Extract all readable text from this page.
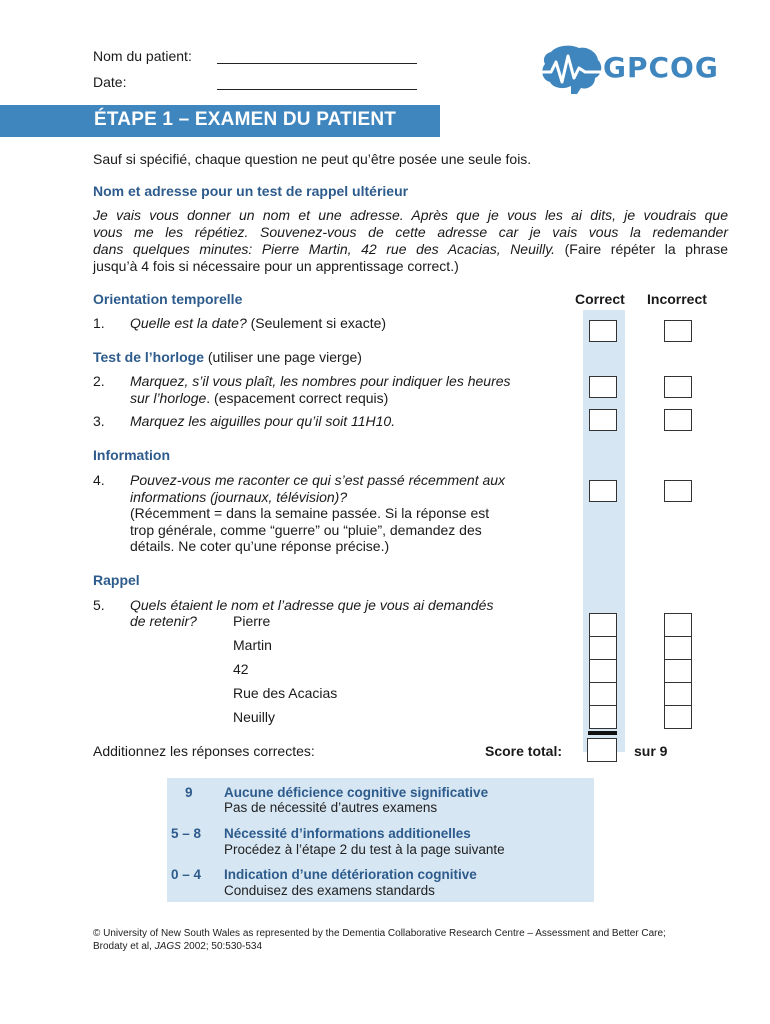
Nom du patient:
Date:	GPCOG
ÉTAPE 1 – EXAMEN DU PATIENT
Sauf si spécifié, chaque question ne peut qu’être posée une seule fois.
Nom et adresse pour un test de rappel ultérieur
Je vais vous donner un nom et une adresse. Après que je vous les ai dits, je voudrais que
vous me les répétiez. Souvenez-vous de cette adresse car je vais vous la redemander
dans quelques minutes: Pierre Martin, 42 rue des Acacias, Neuilly. (Faire répéter la phrase
jusqu’à 4 fois si nécessaire pour un apprentissage correct.)
Correct Incorrect
Orientation temporelle
1. Quelle est la date? (Seulement si exacte)
Test de l’horloge (utiliser une page vierge)
2. Marquez, s’il vous plaît, les nombres pour indiquer les heures
sur l’horloge. (espacement correct requis)
3. Marquez les aiguilles pour qu’il soit 11H10.
Information
4. Pouvez-vous me raconter ce qui s’est passé récemment aux
informations (journaux, télévision)?
(Récemment = dans la semaine passée. Si la réponse est
trop générale, comme “guerre” ou “pluie”, demandez des
détails. Ne coter qu’une réponse précise.)
Rappel
5. Quels étaient le nom et l’adresse que je vous ai demandés
de retenir?	Pierre
Martin
42
Rue des Acacias
Neuilly
Additionnez les réponses correctes:	Score total:	sur 9
9 Aucune déficience cognitive significative
Pas de nécessité d’autres examens
5 – 8 Nécessité d’informations additionelles
Procédez à l’étape 2 du test à la page suivante
0 – 4 Indication d’une détérioration cognitive
Conduisez des examens standards
© University of New South Wales as represented by the Dementia Collaborative Research Centre – Assessment and Better Care;
Brodaty et al, JAGS 2002; 50:530-534
